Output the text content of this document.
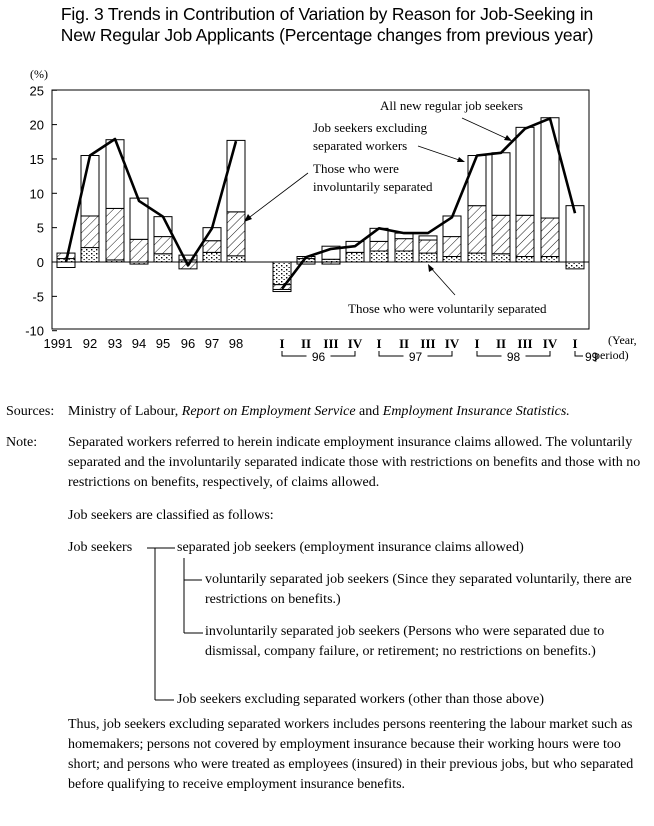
Fig. 3 Trends in Contribution of Variation by Reason for Job-Seeking in
New Regular Job Applicants (Percentage changes from previous year)
(%)
-10
-5
0
5
10
15
20
25
1991 92 93 94 95 96 97 98	I II III IV I II III IV I II III IV I
96	97	98	99
All new regular job seekers
Job seekers excluding
separated workers
Those who were
involuntarily separated
Those who were voluntarily separated
(Year,
period)
Sources: Ministry of Labour, Report on Employment Service and Employment Insurance Statistics.
Note: Separated workers referred to herein indicate employment insurance claims allowed. The voluntarily separated and the involuntarily separated indicate those with restrictions on benefits and those with no restrictions on benefits, respectively, of claims allowed.
Job seekers are classified as follows:
Job seekers	separated job seekers (employment insurance claims allowed)
voluntarily separated job seekers (Since they separated voluntarily, there are restrictions on benefits.)
involuntarily separated job seekers (Persons who were separated due to dismissal, company failure, or retirement; no restrictions on benefits.)
Job seekers excluding separated workers (other than those above)
Thus, job seekers excluding separated workers includes persons reentering the labour market such as homemakers; persons not covered by employment insurance because their working hours were too short; and persons who were treated as employees (insured) in their previous jobs, but who separated before qualifying to receive employment insurance benefits.
